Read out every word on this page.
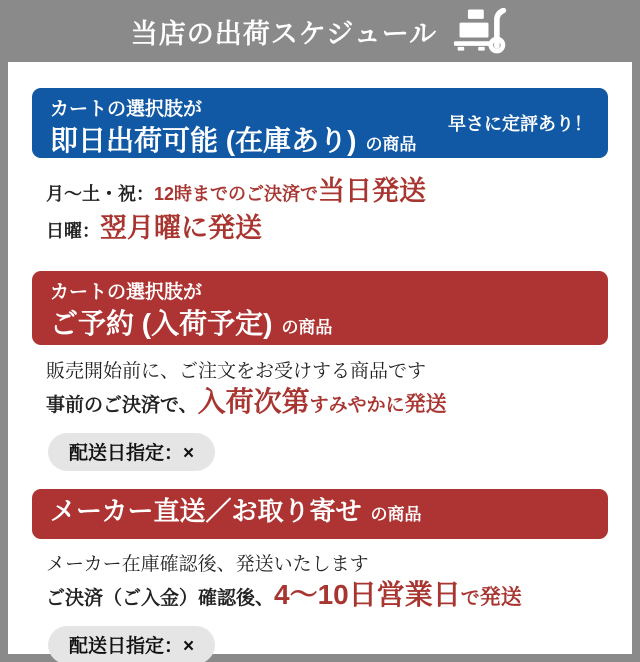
当店の出荷スケジュール
カートの選択肢が
即日出荷可能 (在庫あり) の商品
早さに定評あり！
月〜土・祝：12時までのご決済で当日発送
日曜：翌月曜に発送
カートの選択肢が
ご予約 (入荷予定) の商品
販売開始前に、ご注文をお受けする商品です
事前のご決済で、入荷次第すみやかに発送
配送日指定：×
メーカー直送／お取り寄せ の商品
メーカー在庫確認後、発送いたします
ご決済（ご入金）確認後、4〜10日営業日で発送
配送日指定：×
